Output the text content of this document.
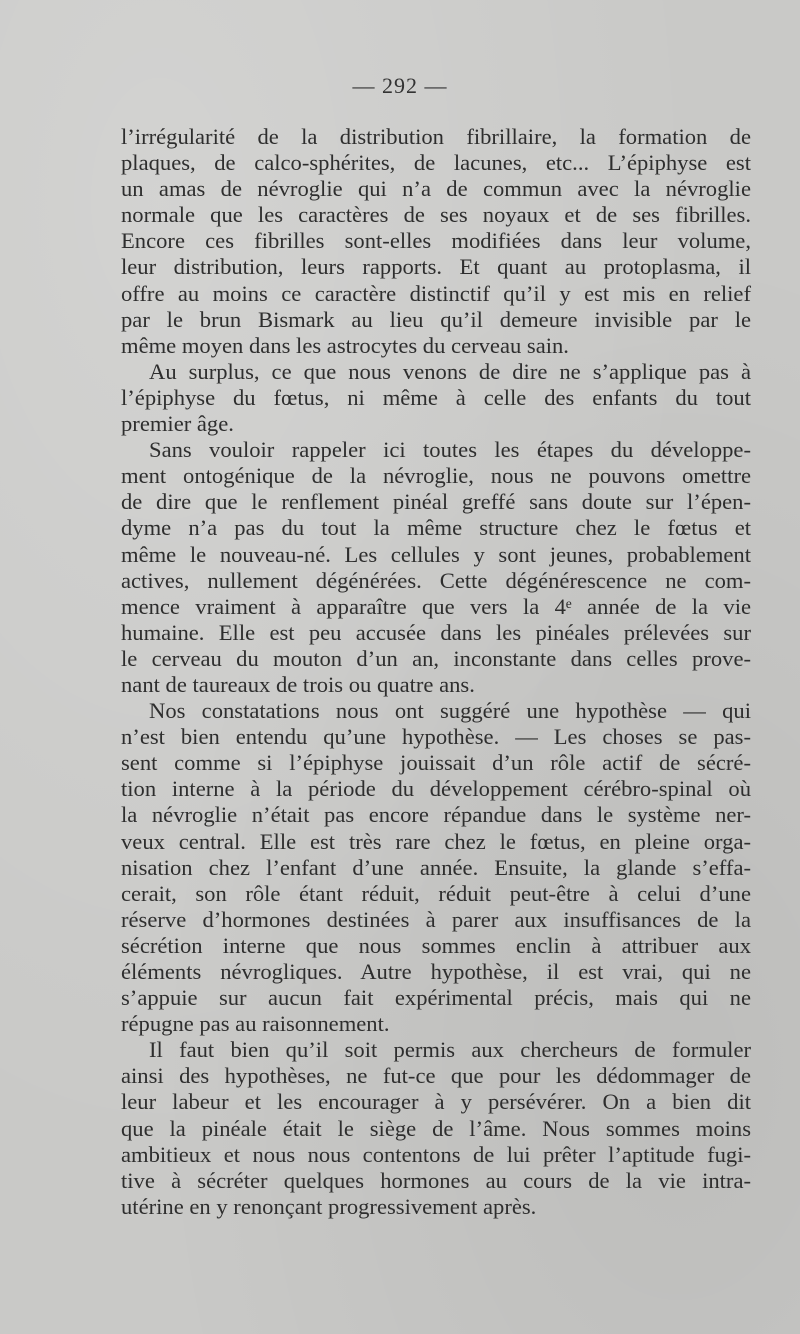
— 292 —

l’irrégularité de la distribution fibrillaire, la formation de
plaques, de calco-sphérites, de lacunes, etc... L’épiphyse est
un amas de névroglie qui n’a de commun avec la névroglie
normale que les caractères de ses noyaux et de ses fibrilles.
Encore ces fibrilles sont-elles modifiées dans leur volume,
leur distribution, leurs rapports. Et quant au protoplasma, il
offre au moins ce caractère distinctif qu’il y est mis en relief
par le brun Bismark au lieu qu’il demeure invisible par le
même moyen dans les astrocytes du cerveau sain.

Au surplus, ce que nous venons de dire ne s’applique pas à
l’épiphyse du fœtus, ni même à celle des enfants du tout
premier âge.

Sans vouloir rappeler ici toutes les étapes du développe-
ment ontogénique de la névroglie, nous ne pouvons omettre
de dire que le renflement pinéal greffé sans doute sur l’épen-
dyme n’a pas du tout la même structure chez le fœtus et
même le nouveau-né. Les cellules y sont jeunes, probablement
actives, nullement dégénérées. Cette dégénérescence ne com-
mence vraiment à apparaître que vers la 4ᵉ année de la vie
humaine. Elle est peu accusée dans les pinéales prélevées sur
le cerveau du mouton d’un an, inconstante dans celles prove-
nant de taureaux de trois ou quatre ans.

Nos constatations nous ont suggéré une hypothèse — qui
n’est bien entendu qu’une hypothèse. — Les choses se pas-
sent comme si l’épiphyse jouissait d’un rôle actif de sécré-
tion interne à la période du développement cérébro-spinal où
la névroglie n’était pas encore répandue dans le système ner-
veux central. Elle est très rare chez le fœtus, en pleine orga-
nisation chez l’enfant d’une année. Ensuite, la glande s’effa-
cerait, son rôle étant réduit, réduit peut-être à celui d’une
réserve d’hormones destinées à parer aux insuffisances de la
sécrétion interne que nous sommes enclin à attribuer aux
éléments névrogliques. Autre hypothèse, il est vrai, qui ne
s’appuie sur aucun fait expérimental précis, mais qui ne
répugne pas au raisonnement.

Il faut bien qu’il soit permis aux chercheurs de formuler
ainsi des hypothèses, ne fut-ce que pour les dédommager de
leur labeur et les encourager à y persévérer. On a bien dit
que la pinéale était le siège de l’âme. Nous sommes moins
ambitieux et nous nous contentons de lui prêter l’aptitude fugi-
tive à sécréter quelques hormones au cours de la vie intra-
utérine en y renonçant progressivement après.
